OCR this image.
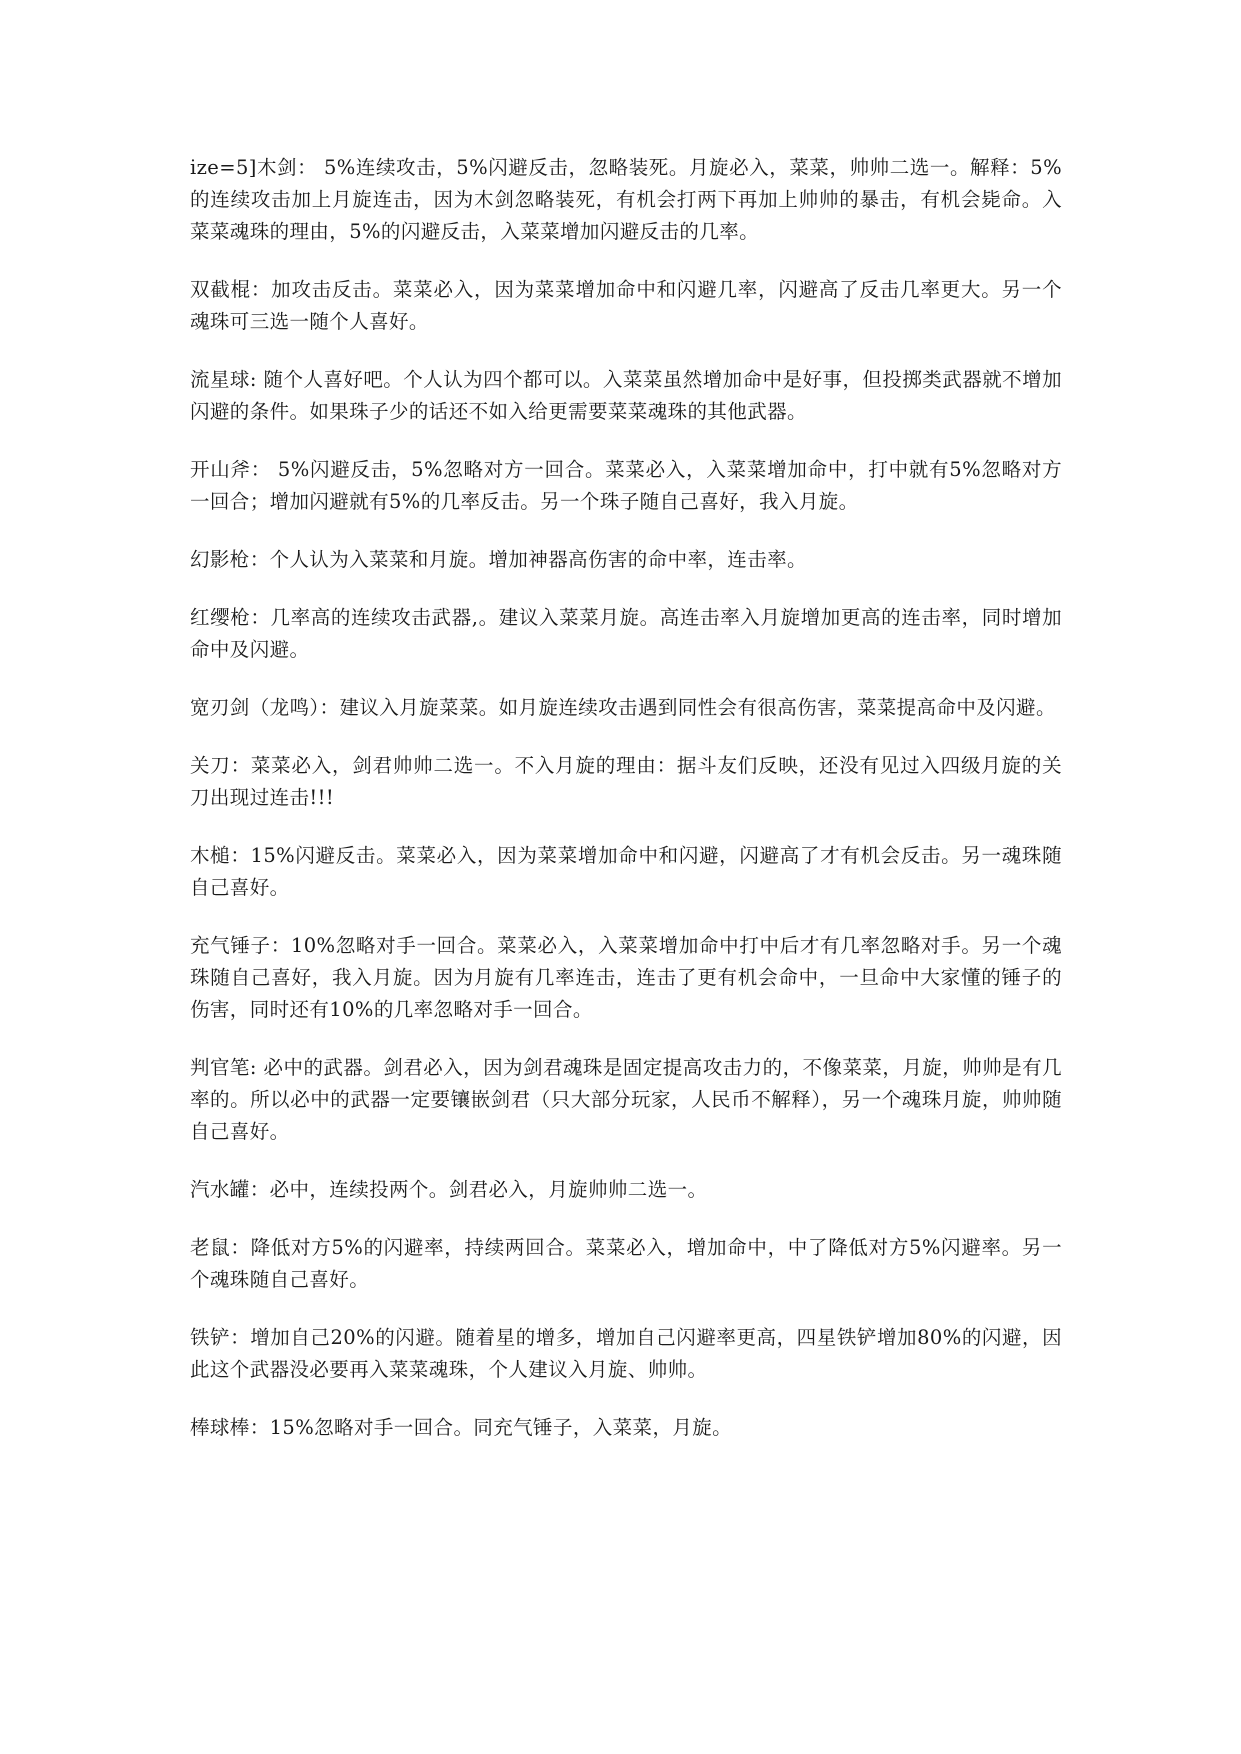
ize=5]木剑： 5%连续攻击，5%闪避反击，忽略装死。月旋必入，菜菜，帅帅二选一。解释：5%的连续攻击加上月旋连击，因为木剑忽略装死，有机会打两下再加上帅帅的暴击，有机会毙命。入菜菜魂珠的理由，5%的闪避反击，入菜菜增加闪避反击的几率。

双截棍：加攻击反击。菜菜必入，因为菜菜增加命中和闪避几率，闪避高了反击几率更大。另一个魂珠可三选一随个人喜好。

流星球: 随个人喜好吧。个人认为四个都可以。入菜菜虽然增加命中是好事，但投掷类武器就不增加闪避的条件。如果珠子少的话还不如入给更需要菜菜魂珠的其他武器。

开山斧： 5%闪避反击，5%忽略对方一回合。菜菜必入，入菜菜增加命中，打中就有5%忽略对方一回合；增加闪避就有5%的几率反击。另一个珠子随自己喜好，我入月旋。

幻影枪：个人认为入菜菜和月旋。增加神器高伤害的命中率，连击率。

红缨枪：几率高的连续攻击武器,。建议入菜菜月旋。高连击率入月旋增加更高的连击率，同时增加命中及闪避。

宽刃剑（龙鸣）：建议入月旋菜菜。如月旋连续攻击遇到同性会有很高伤害，菜菜提高命中及闪避。

关刀：菜菜必入，剑君帅帅二选一。不入月旋的理由：据斗友们反映，还没有见过入四级月旋的关刀出现过连击!!!

木槌：15%闪避反击。菜菜必入，因为菜菜增加命中和闪避，闪避高了才有机会反击。另一魂珠随自己喜好。

充气锤子：10%忽略对手一回合。菜菜必入，入菜菜增加命中打中后才有几率忽略对手。另一个魂珠随自己喜好，我入月旋。因为月旋有几率连击，连击了更有机会命中，一旦命中大家懂的锤子的伤害，同时还有10%的几率忽略对手一回合。

判官笔: 必中的武器。剑君必入，因为剑君魂珠是固定提高攻击力的，不像菜菜，月旋，帅帅是有几率的。所以必中的武器一定要镶嵌剑君（只大部分玩家，人民币不解释），另一个魂珠月旋，帅帅随自己喜好。

汽水罐：必中，连续投两个。剑君必入，月旋帅帅二选一。

老鼠：降低对方5%的闪避率，持续两回合。菜菜必入，增加命中，中了降低对方5%闪避率。另一个魂珠随自己喜好。

铁铲：增加自己20%的闪避。随着星的增多，增加自己闪避率更高，四星铁铲增加80%的闪避，因此这个武器没必要再入菜菜魂珠，个人建议入月旋、帅帅。

棒球棒：15%忽略对手一回合。同充气锤子，入菜菜，月旋。
